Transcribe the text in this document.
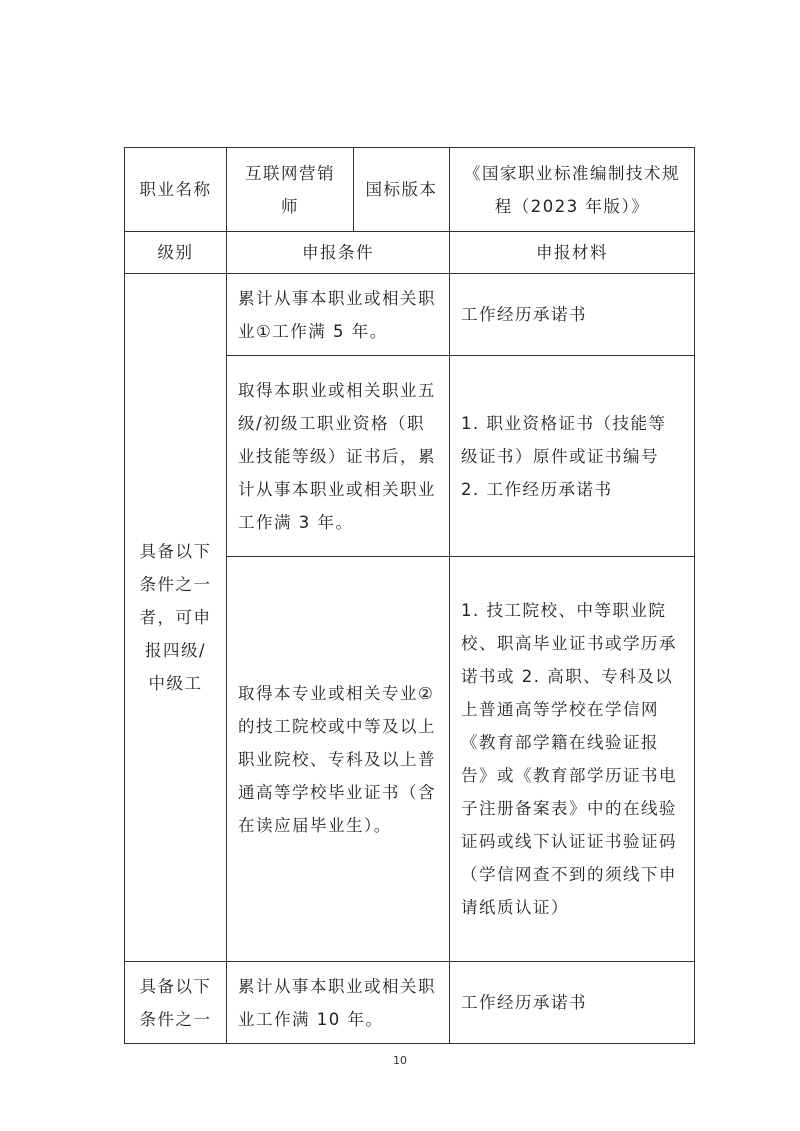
职业名称	互联网营销师	国标版本	《国家职业标准编制技术规程（2023 年版）》
级别	申报条件		申报材料
具备以下条件之一者，可申报四级/中级工	累计从事本职业或相关职业①工作满 5 年。		工作经历承诺书
	取得本职业或相关职业五级/初级工职业资格（职业技能等级）证书后，累计从事本职业或相关职业工作满 3 年。		1. 职业资格证书（技能等级证书）原件或证书编号
2. 工作经历承诺书

	取得本专业或相关专业②的技工院校或中等及以上职业院校、专科及以上普通高等学校毕业证书（含在读应届毕业生）。		1. 技工院校、中等职业院校、职高毕业证书或学历承诺书或 2. 高职、专科及以上普通高等学校在学信网《教育部学籍在线验证报告》或《教育部学历证书电子注册备案表》中的在线验证码或线下认证证书验证码（学信网查不到的须线下申请纸质认证）
具备以下条件之一	累计从事本职业或相关职业工作满 10 年。		工作经历承诺书
10
